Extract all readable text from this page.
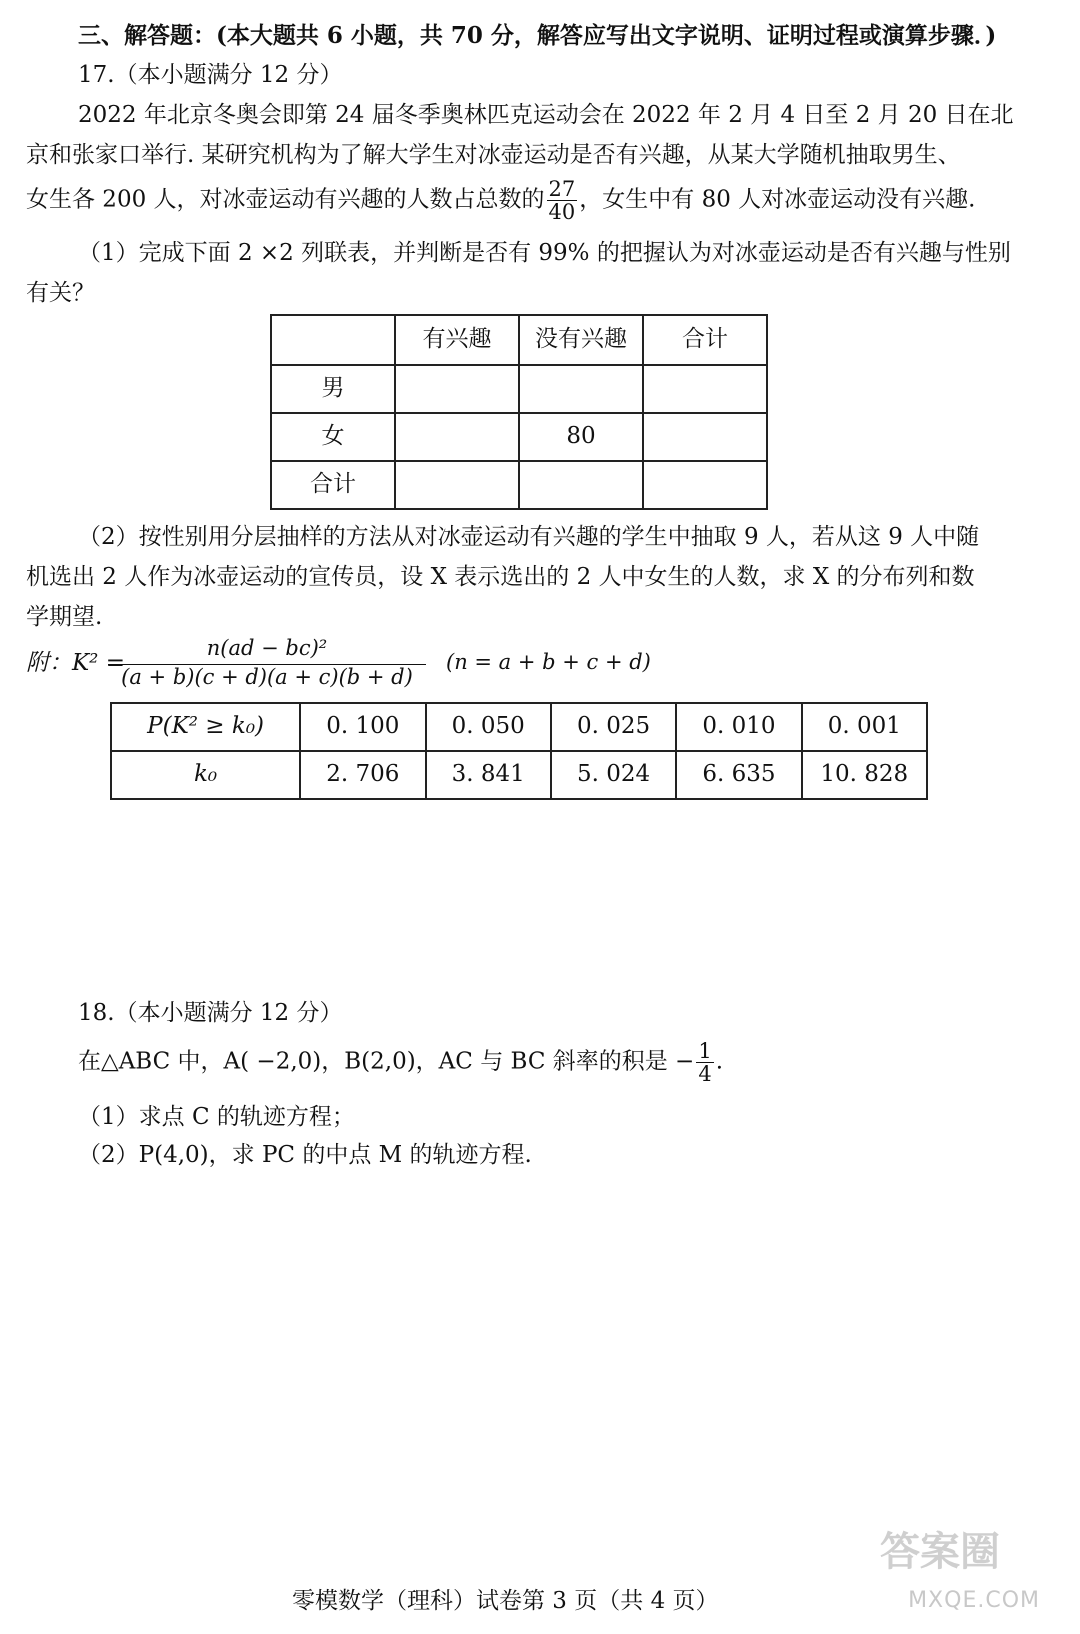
三、解答题：(本大题共 6 小题，共 70 分，解答应写出文字说明、证明过程或演算步骤．)
17.（本小题满分 12 分）
2022 年北京冬奥会即第 24 届冬季奥林匹克运动会在 2022 年 2 月 4 日至 2 月 20 日在北
京和张家口举行. 某研究机构为了解大学生对冰壶运动是否有兴趣，从某大学随机抽取男生、
女生各 200 人，对冰壶运动有兴趣的人数占总数的 $\frac{27}{40}$ ，女生中有 80 人对冰壶运动没有兴趣.
（1）完成下面 2 ×2 列联表，并判断是否有 99% 的把握认为对冰壶运动是否有兴趣与性别
有关？
	有兴趣	没有兴趣	合计
男			
女		80	
合计			
（2）按性别用分层抽样的方法从对冰壶运动有兴趣的学生中抽取 9 人，若从这 9 人中随
机选出 2 人作为冰壶运动的宣传员，设 X 表示选出的 2 人中女生的人数，求 X 的分布列和数
学期望.
附：K² =
$\frac{\text{n(ad − bc)²}}{(a + b)(c + d)(a + c)(b + d)} (n = a + b + c + d)$
P(K² ≥ k₀)	0. 100	0. 050	0. 025	0. 010	0. 001
k₀	2. 706	3. 841	5. 024	6. 635	10. 828
18.（本小题满分 12 分）
在△ABC 中，A( −2,0)，B(2,0)，AC 与 BC 斜率的积是 − $\frac{1}{4}$ .
（1）求点 C 的轨迹方程；
（2）P(4,0)，求 PC 的中点 M 的轨迹方程.
零模数学（理科）试卷第 3 页（共 4 页）
答案圈
MXQE.COM
